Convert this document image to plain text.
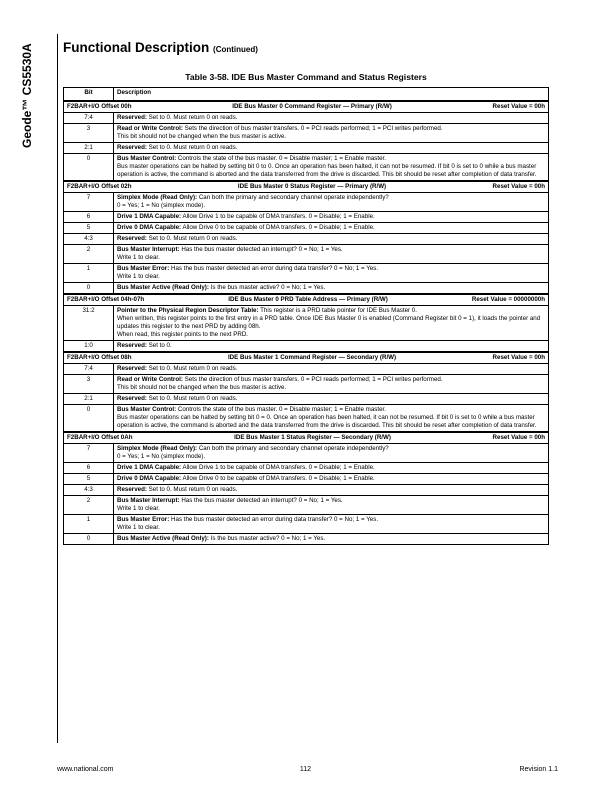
Geode™ CS5530A Functional Description (Continued)
Table 3-58. IDE Bus Master Command and Status Registers
Bit	Description

F2BAR+I/O Offset 00h IDE Bus Master 0 Command Register — Primary (R/W) Reset Value = 00h	

7:4	Reserved: Set to 0. Must return 0 on reads.

3	Read or Write Control: Sets the direction of bus master transfers. 0 = PCI reads performed; 1 = PCI writes performed.
This bit should not be changed when the bus master is active.

2:1	Reserved: Set to 0. Must return 0 on reads.

0	Bus Master Control: Controls the state of the bus master. 0 = Disable master; 1 = Enable master.
Bus master operations can be halted by setting bit 0 to 0. Once an operation has been halted, it can not be resumed. If bit 0 is set to 0 while a bus master operation is active, the command is aborted and the data transferred from the drive is discarded. This bit should be reset after completion of data transfer.

F2BAR+I/O Offset 02h IDE Bus Master 0 Status Register — Primary (R/W) Reset Value = 00h	

7	Simplex Mode (Read Only): Can both the primary and secondary channel operate independently?
0 = Yes; 1 = No (simplex mode).

6	Drive 1 DMA Capable: Allow Drive 1 to be capable of DMA transfers. 0 = Disable; 1 = Enable.

5	Drive 0 DMA Capable: Allow Drive 0 to be capable of DMA transfers. 0 = Disable; 1 = Enable.

4:3	Reserved: Set to 0. Must return 0 on reads.

2	Bus Master Interrupt: Has the bus master detected an interrupt? 0 = No; 1 = Yes.
Write 1 to clear.

1	Bus Master Error: Has the bus master detected an error during data transfer? 0 = No; 1 = Yes.
Write 1 to clear.

0	Bus Master Active (Read Only): Is the bus master active? 0 = No; 1 = Yes.

F2BAR+I/O Offset 04h-07h IDE Bus Master 0 PRD Table Address — Primary (R/W) Reset Value = 00000000h	

31:2	Pointer to the Physical Region Descriptor Table: This register is a PRD table pointer for IDE Bus Master 0.
When written, this register points to the first entry in a PRD table. Once IDE Bus Master 0 is enabled (Command Register bit 0 = 1), it loads the pointer and updates this register to the next PRD by adding 08h.
When read, this register points to the next PRD.

1:0	Reserved: Set to 0.

F2BAR+I/O Offset 08h IDE Bus Master 1 Command Register — Secondary (R/W) Reset Value = 00h	

7:4	Reserved: Set to 0. Must return 0 on reads.

3	Read or Write Control: Sets the direction of bus master transfers. 0 = PCI reads performed; 1 = PCI writes performed.
This bit should not be changed when the bus master is active.

2:1	Reserved: Set to 0. Must return 0 on reads.

0	Bus Master Control: Controls the state of the bus master. 0 = Disable master; 1 = Enable master.
Bus master operations can be halted by setting bit 0 = 0. Once an operation has been halted, it can not be resumed. If bit 0 is set to 0 while a bus master operation is active, the command is aborted and the data transferred from the drive is discarded. This bit should be reset after completion of data transfer.

F2BAR+I/O Offset 0Ah IDE Bus Master 1 Status Register — Secondary (R/W) Reset Value = 00h	

7	Simplex Mode (Read Only): Can both the primary and secondary channel operate independently?
0 = Yes; 1 = No (simplex mode).

6	Drive 1 DMA Capable: Allow Drive 1 to be capable of DMA transfers. 0 = Disable; 1 = Enable.

5	Drive 0 DMA Capable: Allow Drive 0 to be capable of DMA transfers. 0 = Disable; 1 = Enable.

4:3	Reserved: Set to 0. Must return 0 on reads.

2	Bus Master Interrupt: Has the bus master detected an interrupt? 0 = No; 1 = Yes.
Write 1 to clear.

1	Bus Master Error: Has the bus master detected an error during data transfer? 0 = No; 1 = Yes.
Write 1 to clear.

0	Bus Master Active (Read Only): Is the bus master active? 0 = No; 1 = Yes.
www.national.com	112	Revision 1.1
